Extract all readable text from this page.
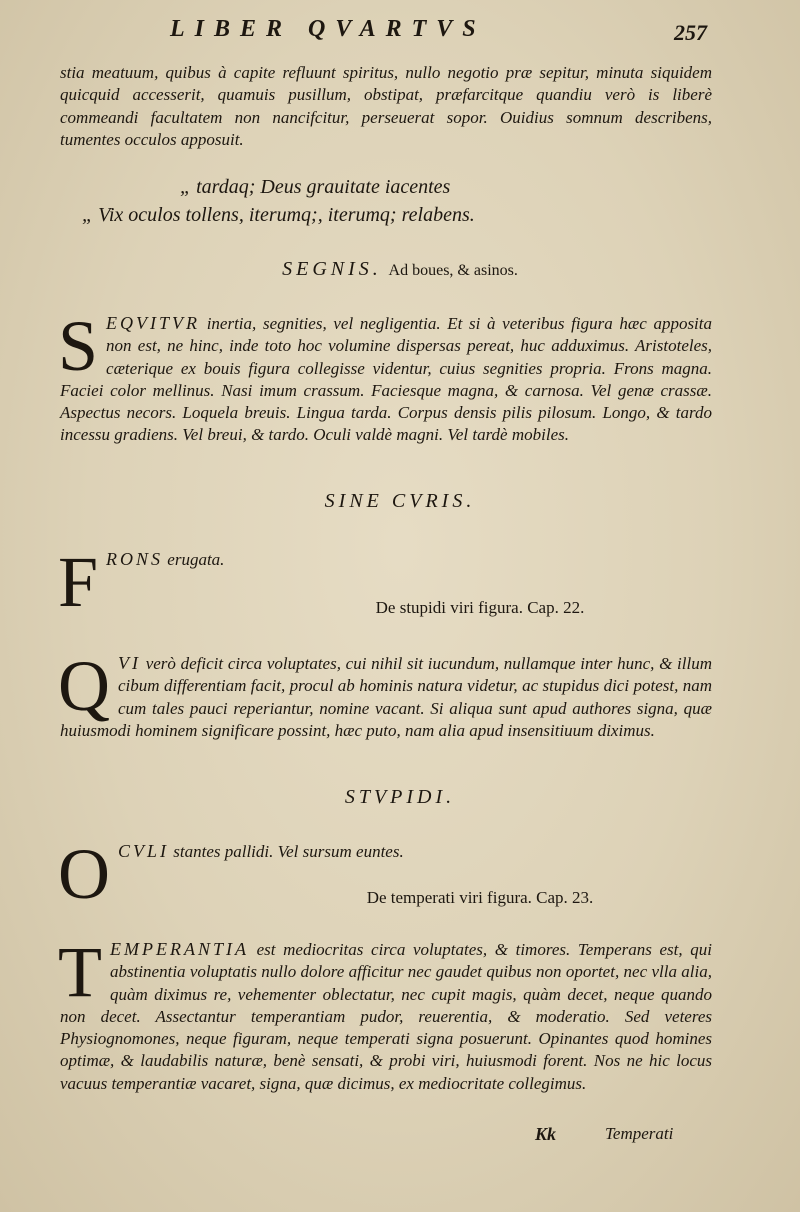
LIBER QVARTVS	257
stia meatuum, quibus à capite refluunt spiritus, nullo negotio præ sepitur, minuta siquidem quicquid accesserit, quamuis pusillum, obstipat, præfarcitque quandiu verò is liberè commeandi facultatem non nancifcitur, perseuerat sopor. Ouidius somnum describens, tumentes occulos apposuit.
„ tardaq; Deus grauitate iacentes
„ Vix oculos tollens, iterumq;, iterumq; relabens.
SEGNIS. Ad boues, & asinos.
S EQVITVR inertia, segnities, vel negligentia. Et si à veteribus figura hæc apposita non est, ne hinc, inde toto hoc volumine dispersas pereat, huc adduximus. Aristoteles, cæterique ex bouis figura collegisse videntur, cuius segnities propria. Frons magna. Faciei color mellinus. Nasi imum crassum. Faciesque magna, & carnosa. Vel genæ crassæ. Aspectus necors. Loquela breuis. Lingua tarda. Corpus densis pilis pilosum. Longo, & tardo incessu gradiens. Vel breui, & tardo. Oculi valdè magni. Vel tardè mobiles.
SINE CVRIS.
F RONS erugata.
De stupidi viri figura. Cap. 22.
Q VI verò deficit circa voluptates, cui nihil sit iucundum, nullamque inter hunc, & illum cibum differentiam facit, procul ab hominis natura videtur, ac stupidus dici potest, nam cum tales pauci reperiantur, nomine vacant. Si aliqua sunt apud authores signa, quæ huiusmodi hominem significare possint, hæc puto, nam alia apud insensitiuum diximus.
STVPIDI.
O CVLI stantes pallidi. Vel sursum euntes.
De temperati viri figura. Cap. 23.
T EMPERANTIA est mediocritas circa voluptates, & timores. Temperans est, qui abstinentia voluptatis nullo dolore afficitur nec gaudet quibus non oportet, nec vlla alia, quàm diximus re, vehementer oblectatur, nec cupit magis, quàm decet, neque quando non decet. Assectantur temperantiam pudor, reuerentia, & moderatio. Sed veteres Physiognomones, neque figuram, neque temperati signa posuerunt. Opinantes quod homines optimæ, & laudabilis naturæ, benè sensati, & probi viri, huiusmodi forent. Nos ne hic locus vacuus temperantiæ vacaret, signa, quæ dicimus, ex mediocritate collegimus.
Kk	Temperati
